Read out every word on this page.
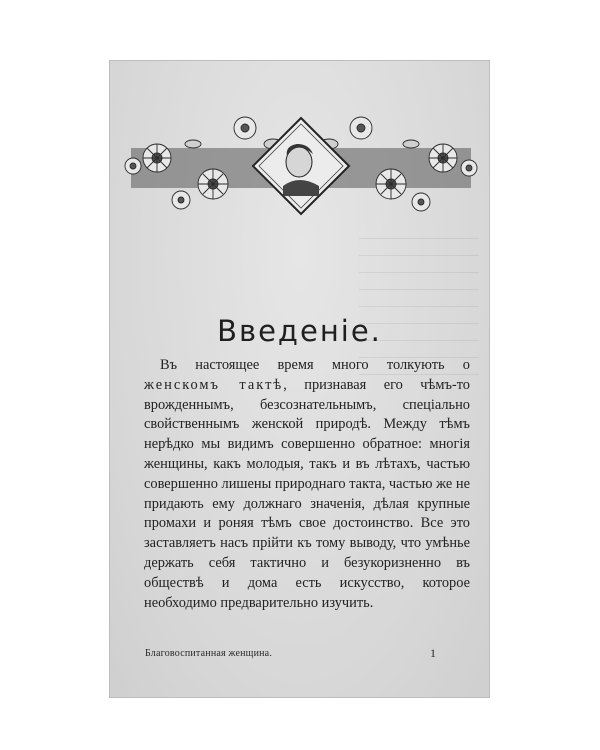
Введеніе.

Въ настоящее время много толкують о женскомъ тактѣ, признавая его чѣмъ-то врожденнымъ, безсознательнымъ, спеціально свойственнымъ женской природѣ. Между тѣмъ нерѣдко мы видимъ совершенно обратное: многія женщины, какъ молодыя, такъ и въ лѣтахъ, частью совершенно лишены природнаго такта, частью же не придають ему должнаго значенія, дѣлая крупные промахи и роняя тѣмъ свое достоинство. Все это заставляетъ насъ прійти къ тому выводу, что умѣнье держать себя тактично и безукоризненно въ обществѣ и дома есть искусство, которое необходимо предварительно изучить.

Благовоспитанная женщина.	1
